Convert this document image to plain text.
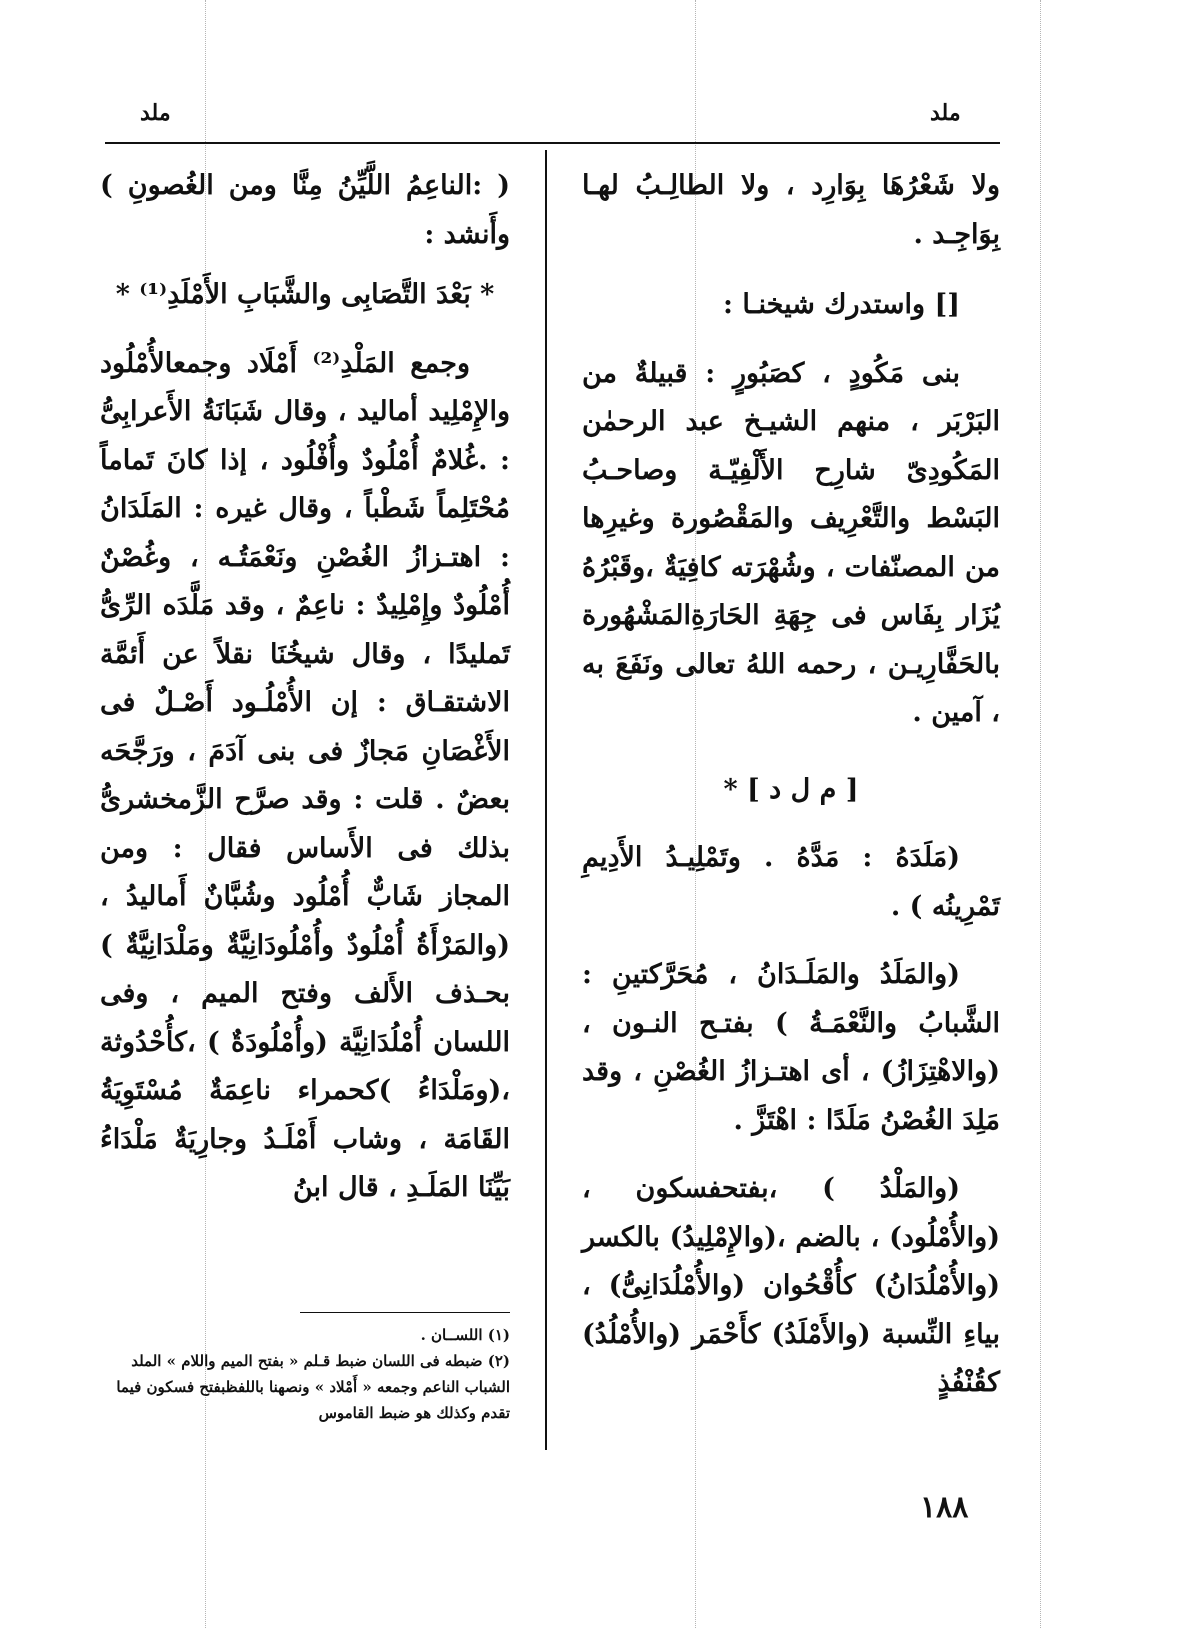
ملد
ملد

ولا شَعْرُهَا بِوَارِد ، ولا الطالِـبُ لهـا بِوَاجِـد .

[] واستدرك شيخنـا :

بنى مَكُودٍ ، كصَبُورٍ : قبيلةٌ من البَرْبَر ، منهم الشيـخ عبد الرحمٰن المَكُودِىّ شارِح الأَلْفِيّـة وصاحـبُ البَسْط والتَّعْرِيف والمَقْصُورة وغيرِها من المصنّفات ، وشُهْرَته كافِيَةٌ ،وقَبْرُهُ يُزَار بِفَاس فى جِهَةِ الحَارَةِالمَشْهُورة بالحَفَّارِيـن ، رحمه اللهُ تعالى ونَفَعَ به ، آمين .

[ م ل د ] *

(مَلَدَهُ : مَدَّهُ . وتَمْلِيـدُ الأَدِيمِ تَمْرِينُه ) .

(والمَلَدُ والمَلَـدَانُ ، مُحَرَّكتينِ : الشَّبابُ والنَّعْمَـةُ ) بفتـح النـون ، (والاهْتِزَازُ) ، أى اهتـزازُ الغُصْنِ ، وقد مَلِدَ الغُصْنُ مَلَدًا : اهْتَزَّ .

(والمَلْدُ ) ،بفتحفسكون ،(والأُمْلُود) ، بالضم ،(والإِمْلِيدُ) بالكسر (والأُمْلُدَانُ) كأُقْحُوان (والأُمْلُدَانِىُّ) ، بياءِ النِّسبة (والأَمْلَدُ) كأَحْمَر (والأُمْلُدُ) كقُنْفُذٍ

( :الناعِمُ اللَّيِّنُ مِنَّا ومن الغُصونِ ) وأَنشد :

* بَعْدَ التَّصَابِى والشَّبَابِ الأَمْلَدِ⁽¹⁾ *

وجمع المَلْدِ⁽²⁾ أَمْلَاد وجمعالأُمْلُود والإِمْلِيد أماليد ، وقال شَبَانَةُ الأَعرابِىُّ : .غُلامٌ أُمْلُودٌ وأُفْلُود ، إذا كانَ تَماماً مُحْتَلِماً شَطْباً ، وقال غيره : المَلَدَانُ : اهتـزازُ الغُصْنِ ونَعْمَتُـه ، وغُصْنٌ أُمْلُودٌ وإِمْلِيدٌ : ناعِمٌ ، وقد مَلَّدَه الرِّىُّ تَمليدًا ، وقال شيخُنَا نقلاً عن أَئمَّة الاشتقـاق : إن الأُمْلُـود أَصْـلٌ فى الأَغْصَانِ مَجازٌ فى بنى آدَمَ ، ورَجَّحَه بعضٌ . قلت : وقد صرَّح الزَّمخشرىُّ بذلك فى الأَساس فقال : ومن المجاز شَابٌّ أُمْلُود وشُبَّانٌ أَماليدُ ، (والمَرْأَةُ أُمْلُودٌ وأُمْلُودَانِيَّةٌ ومَلْدَانِيَّةٌ ) بحـذف الأَلف وفتح الميم ، وفى اللسان أُمْلُدَانِيَّة (وأُمْلُودَةٌ ) ،كأُحْدُوثة ،(ومَلْدَاءُ )كحمراء ناعِمَةٌ مُسْتَوِيَةُ القَامَة ، وشاب أَمْلَـدُ وجارِيَةٌ مَلْدَاءُ بَيِّنَا المَلَـدِ ، قال ابنُ

(١) اللســان .
(٢) ضبطه فى اللسان ضبط قـلم « بفتح الميم واللام » الملد الشباب الناعم وجمعه « أَمْلاد » ونصهنا باللفظبفتح فسكون فيما تقدم وكذلك هو ضبط القاموس
١٨٨
